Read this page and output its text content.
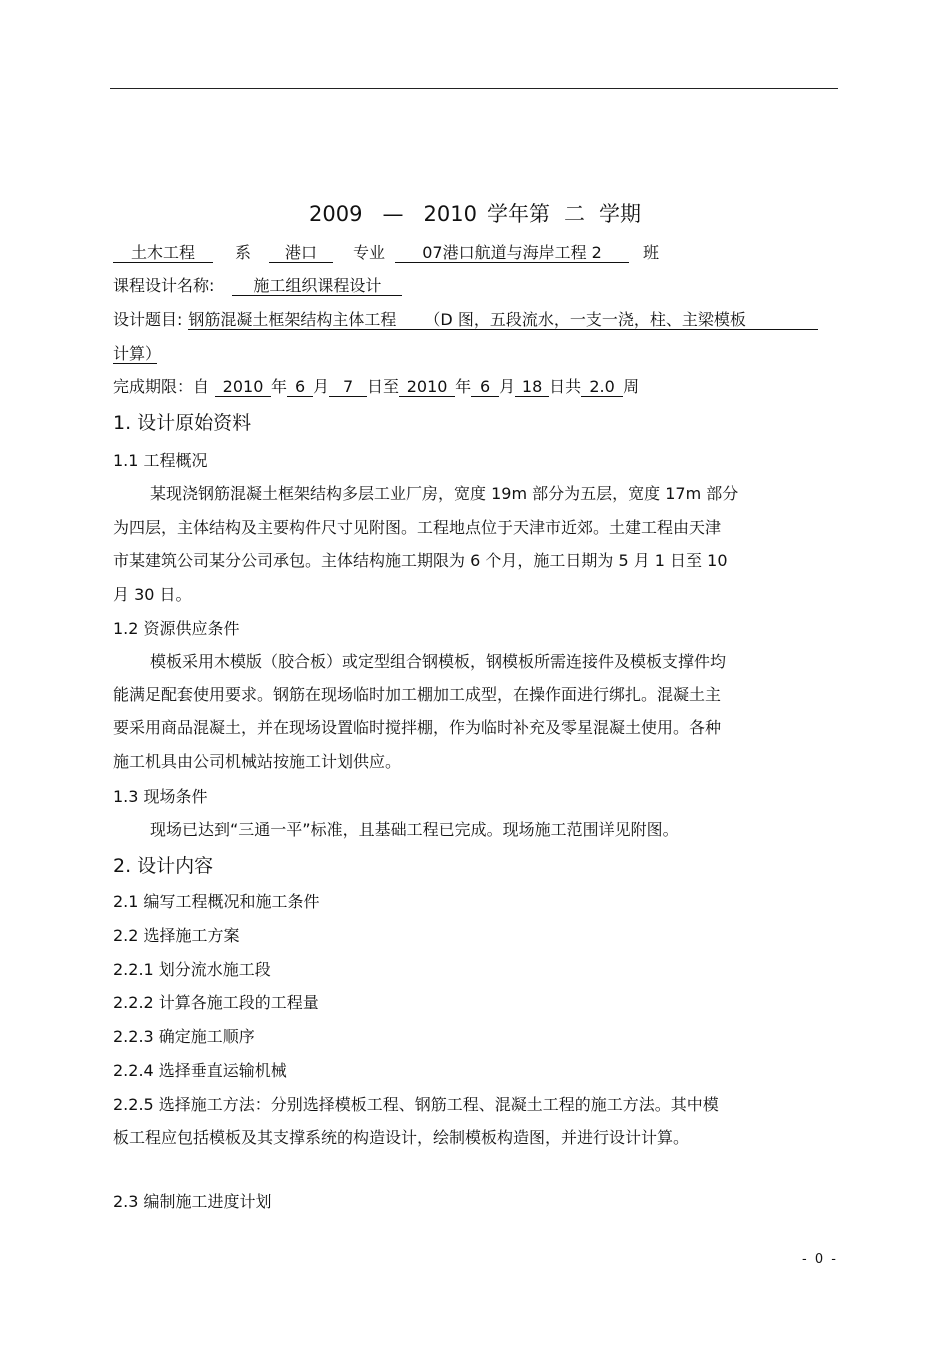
2009 — 2010 学年第 二 学期
土木工程	系 港口 专业 07港口航道与海岸工程 2	班
课程设计名称: 施工组织课程设计
设计题目: 钢筋混凝土框架结构主体工程 （D 图，五段流水，一支一浇，柱、主梁模板
计算）
完成期限：自 2010 年 6 月 7 日至 2010 年 6 月 18 日共 2.0 周
1. 设计原始资料
1.1 工程概况
某现浇钢筋混凝土框架结构多层工业厂房，宽度 19m 部分为五层，宽度 17m 部分
为四层，主体结构及主要构件尺寸见附图。工程地点位于天津市近郊。土建工程由天津
市某建筑公司某分公司承包。主体结构施工期限为 6 个月，施工日期为 5 月 1 日至 10
月 30 日。
1.2 资源供应条件
模板采用木模版（胶合板）或定型组合钢模板，钢模板所需连接件及模板支撑件均
能满足配套使用要求。钢筋在现场临时加工棚加工成型，在操作面进行绑扎。混凝土主
要采用商品混凝土，并在现场设置临时搅拌棚，作为临时补充及零星混凝土使用。各种
施工机具由公司机械站按施工计划供应。
1.3 现场条件
现场已达到“三通一平”标准，且基础工程已完成。现场施工范围详见附图。
2. 设计内容
2.1 编写工程概况和施工条件
2.2 选择施工方案
2.2.1 划分流水施工段
2.2.2 计算各施工段的工程量
2.2.3 确定施工顺序
2.2.4 选择垂直运输机械
2.2.5 选择施工方法：分别选择模板工程、钢筋工程、混凝土工程的施工方法。其中模
板工程应包括模板及其支撑系统的构造设计，绘制模板构造图，并进行设计计算。
2.3 编制施工进度计划
- 0 -
